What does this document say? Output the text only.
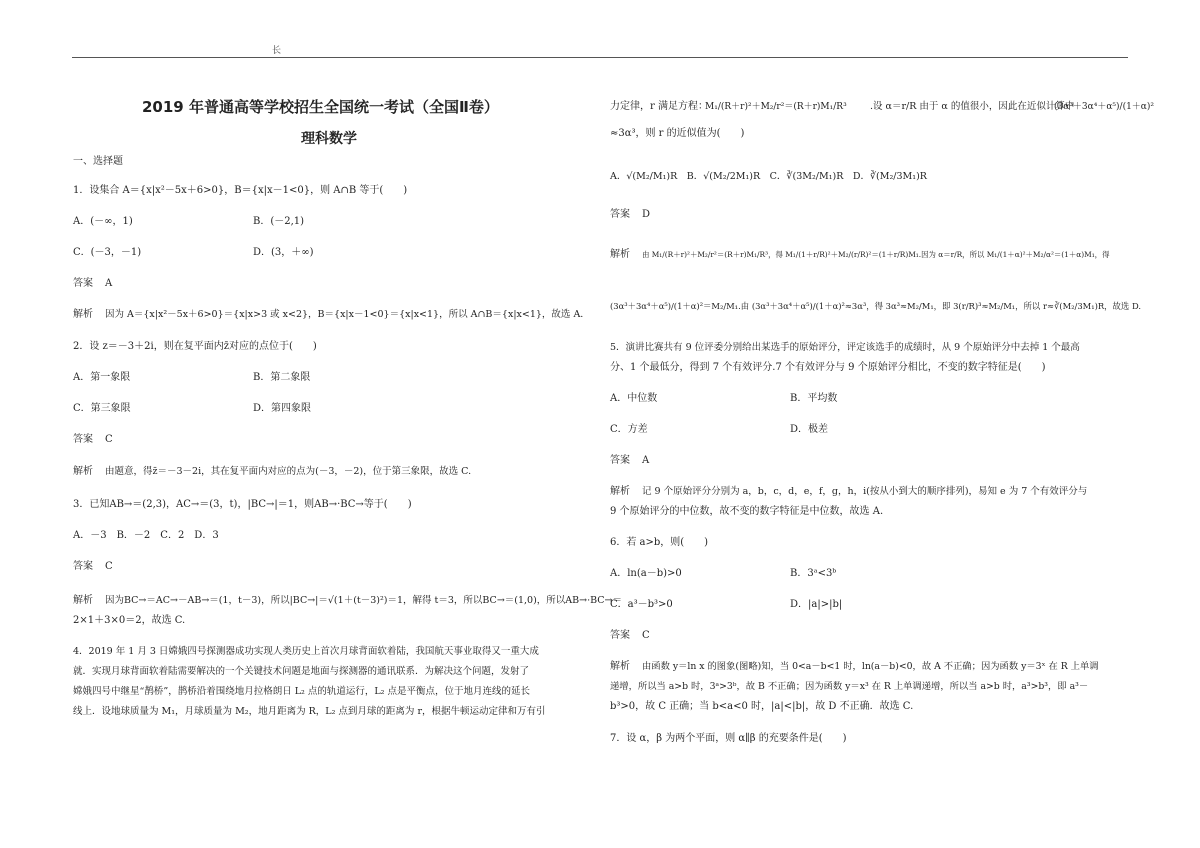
长
2019 年普通高等学校招生全国统一考试（全国Ⅱ卷）
理科数学
一、选择题
1．设集合 A＝{x|x²－5x＋6>0}，B＝{x|x－1<0}，则 A∩B 等于(　　)
A．(－∞，1)	B．(－2,1)
C．(－3，－1)	D．(3，＋∞)
答案 A
解析 因为 A＝{x|x²－5x＋6>0}＝{x|x>3 或 x<2}，B＝{x|x－1<0}＝{x|x<1}，所以 A∩B＝{x|x<1}，故选 A.
2．设 z＝－3＋2i，则在复平面内z̄对应的点位于(　　)
A．第一象限	B．第二象限
C．第三象限	D．第四象限
答案 C
解析 由题意，得z̄＝－3－2i，其在复平面内对应的点为(－3，－2)，位于第三象限，故选 C.
3．已知AB→＝(2,3)，AC→＝(3，t)，|BC→|＝1，则AB→·BC→等于(　　)
A．－3　B．－2　C．2　D．3
答案 C
解析 因为BC→＝AC→－AB→＝(1，t－3)，所以|BC→|＝√(1＋(t－3)²)＝1，解得 t＝3，所以BC→＝(1,0)，所以AB→·BC→＝
2×1＋3×0＝2，故选 C.
4．2019 年 1 月 3 日嫦娥四号探测器成功实现人类历史上首次月球背面软着陆，我国航天事业取得又一重大成
就．实现月球背面软着陆需要解决的一个关键技术问题是地面与探测器的通讯联系．为解决这个问题，发射了
嫦娥四号中继星“鹊桥”，鹊桥沿着围绕地月拉格朗日 L₂ 点的轨道运行，L₂ 点是平衡点，位于地月连线的延长
线上．设地球质量为 M₁，月球质量为 M₂，地月距离为 R，L₂ 点到月球的距离为 r，根据牛顿运动定律和万有引
力定律，r 满足方程：
M₁/(R＋r)²＋M₂/r²＝(R＋r)M₁/R³ .设 α＝r/R 由于 α 的值很小，因此在近似计算中
(3α³＋3α⁴＋α⁵)/(1＋α)²
≈3α³，则 r 的近似值为(　　)
A．√(M₂/M₁)R　B．√(M₂/2M₁)R　C．∛(3M₂/M₁)R　D．∛(M₂/3M₁)R
答案 D
解析 由 M₁/(R＋r)²＋M₂/r²＝(R＋r)M₁/R³，得 M₁/(1＋r/R)²＋M₂/(r/R)²＝(1＋r/R)M₁.因为 α＝r/R，所以 M₁/(1＋α)²＋M₂/α²＝(1＋α)M₁，得
(3α³＋3α⁴＋α⁵)/(1＋α)²＝M₂/M₁.由 (3α³＋3α⁴＋α⁵)/(1＋α)²≈3α³，得 3α³≈M₂/M₁，即 3(r/R)³≈M₂/M₁，所以 r≈∛(M₂/3M₁)R，故选 D.
5．演讲比赛共有 9 位评委分别给出某选手的原始评分，评定该选手的成绩时，从 9 个原始评分中去掉 1 个最高
分、1 个最低分，得到 7 个有效评分.7 个有效评分与 9 个原始评分相比，不变的数字特征是(　　)
A．中位数	B．平均数
C．方差	D．极差
答案 A
解析 记 9 个原始评分分别为 a，b，c，d，e，f，g，h，i(按从小到大的顺序排列)，易知 e 为 7 个有效评分与
9 个原始评分的中位数，故不变的数字特征是中位数，故选 A.
6．若 a>b，则(　　)
A．ln(a－b)>0	B．3ᵃ<3ᵇ
C．a³－b³>0	D．|a|>|b|
答案 C
解析 由函数 y＝ln x 的图象(图略)知，当 0<a－b<1 时，ln(a－b)<0，故 A 不正确；因为函数 y＝3ˣ 在 R 上单调
递增，所以当 a>b 时，3ᵃ>3ᵇ，故 B 不正确；因为函数 y＝x³ 在 R 上单调递增，所以当 a>b 时，a³>b³，即 a³－
b³>0，故 C 正确；当 b<a<0 时，|a|<|b|，故 D 不正确．故选 C.
7．设 α，β 为两个平面，则 α∥β 的充要条件是(　　)
